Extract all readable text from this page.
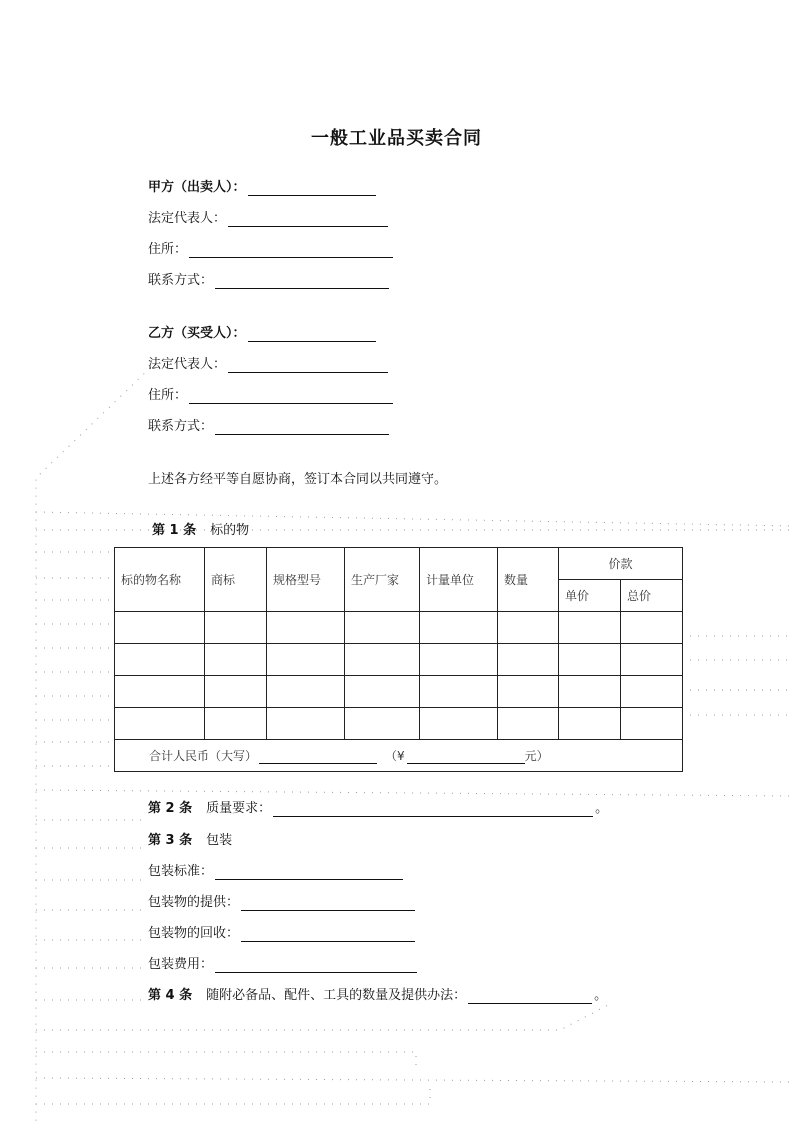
一般工业品买卖合同
甲方（出卖人）：
法定代表人：
住所：
联系方式：
乙方（买受人）：
法定代表人：
住所：
联系方式：
上述各方经平等自愿协商，签订本合同以共同遵守。
第 1 条 标的物
标的物名称	商标	规格型号	生产厂家	计量单位	数量	价款	
						单价	总价

合计人民币（大写） （¥ 元）							
第 2 条 质量要求：	。
第 3 条 包装
包装标准：
包装物的提供：
包装物的回收：
包装费用：
第 4 条 随附必备品、配件、工具的数量及提供办法：	。
